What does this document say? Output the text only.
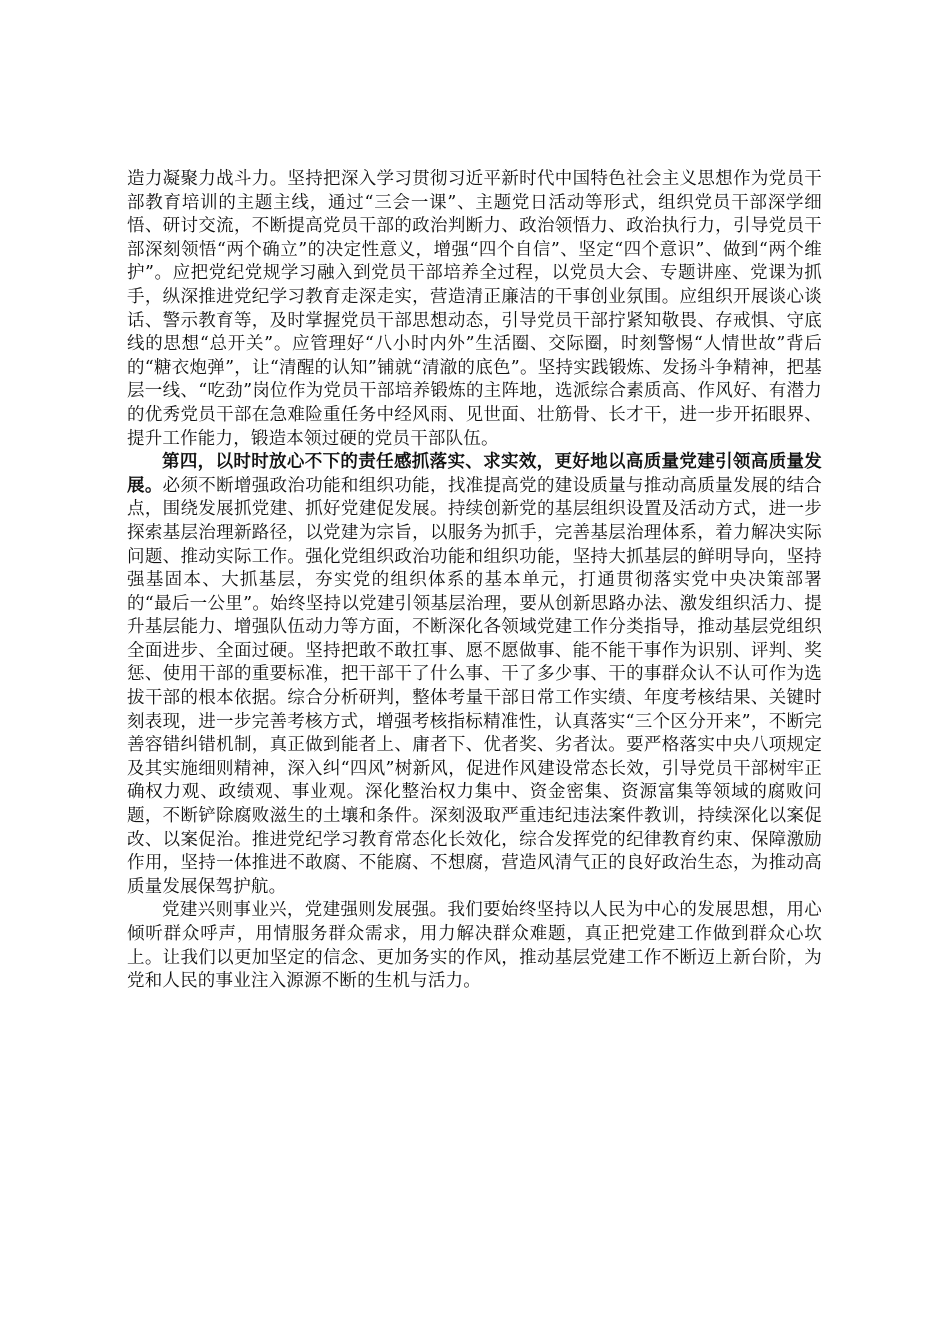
造力凝聚力战斗力。坚持把深入学习贯彻习近平新时代中国特色社会主义思想作为党员干部教育培训的主题主线，通过“三会一课”、主题党日活动等形式，组织党员干部深学细悟、研讨交流，不断提高党员干部的政治判断力、政治领悟力、政治执行力，引导党员干部深刻领悟“两个确立”的决定性意义，增强“四个自信”、坚定“四个意识”、做到“两个维护”。应把党纪党规学习融入到党员干部培养全过程，以党员大会、专题讲座、党课为抓手，纵深推进党纪学习教育走深走实，营造清正廉洁的干事创业氛围。应组织开展谈心谈话、警示教育等，及时掌握党员干部思想动态，引导党员干部拧紧知敬畏、存戒惧、守底线的思想“总开关”。应管理好“八小时内外”生活圈、交际圈，时刻警惕“人情世故”背后的“糖衣炮弹”，让“清醒的认知”铺就“清澈的底色”。坚持实践锻炼、发扬斗争精神，把基层一线、“吃劲”岗位作为党员干部培养锻炼的主阵地，选派综合素质高、作风好、有潜力的优秀党员干部在急难险重任务中经风雨、见世面、壮筋骨、长才干，进一步开拓眼界、提升工作能力，锻造本领过硬的党员干部队伍。

第四，以时时放心不下的责任感抓落实、求实效，更好地以高质量党建引领高质量发展。必须不断增强政治功能和组织功能，找准提高党的建设质量与推动高质量发展的结合点，围绕发展抓党建、抓好党建促发展。持续创新党的基层组织设置及活动方式，进一步探索基层治理新路径，以党建为宗旨，以服务为抓手，完善基层治理体系，着力解决实际问题、推动实际工作。强化党组织政治功能和组织功能，坚持大抓基层的鲜明导向，坚持强基固本、大抓基层，夯实党的组织体系的基本单元，打通贯彻落实党中央决策部署的“最后一公里”。始终坚持以党建引领基层治理，要从创新思路办法、激发组织活力、提升基层能力、增强队伍动力等方面，不断深化各领域党建工作分类指导，推动基层党组织全面进步、全面过硬。坚持把敢不敢扛事、愿不愿做事、能不能干事作为识别、评判、奖惩、使用干部的重要标准，把干部干了什么事、干了多少事、干的事群众认不认可作为选拔干部的根本依据。综合分析研判，整体考量干部日常工作实绩、年度考核结果、关键时刻表现，进一步完善考核方式，增强考核指标精准性，认真落实“三个区分开来”，不断完善容错纠错机制，真正做到能者上、庸者下、优者奖、劣者汰。要严格落实中央八项规定及其实施细则精神，深入纠“四风”树新风，促进作风建设常态长效，引导党员干部树牢正确权力观、政绩观、事业观。深化整治权力集中、资金密集、资源富集等领域的腐败问题，不断铲除腐败滋生的土壤和条件。深刻汲取严重违纪违法案件教训，持续深化以案促改、以案促治。推进党纪学习教育常态化长效化，综合发挥党的纪律教育约束、保障激励作用，坚持一体推进不敢腐、不能腐、不想腐，营造风清气正的良好政治生态，为推动高质量发展保驾护航。

党建兴则事业兴，党建强则发展强。我们要始终坚持以人民为中心的发展思想，用心倾听群众呼声，用情服务群众需求，用力解决群众难题，真正把党建工作做到群众心坎上。让我们以更加坚定的信念、更加务实的作风，推动基层党建工作不断迈上新台阶，为党和人民的事业注入源源不断的生机与活力。
